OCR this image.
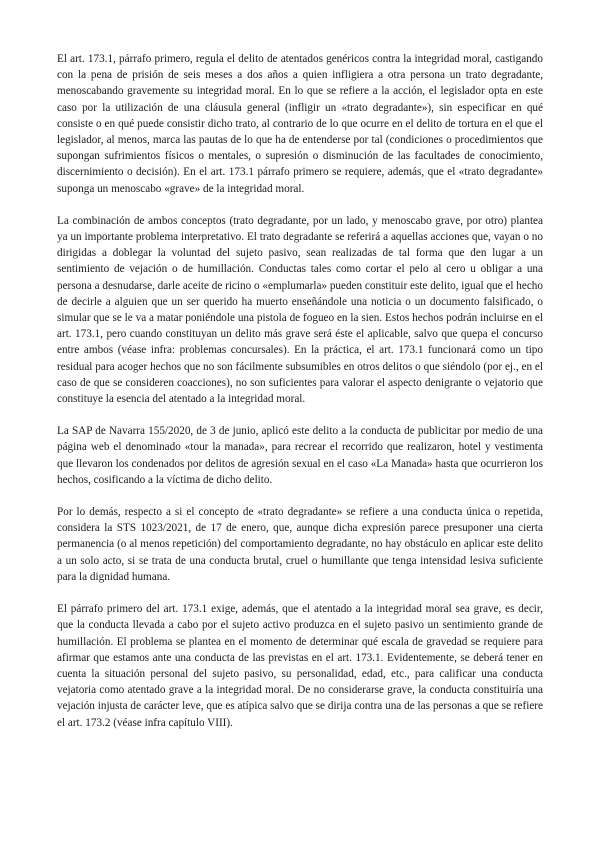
El art. 173.1, párrafo primero, regula el delito de atentados genéricos contra la integridad moral, castigando con la pena de prisión de seis meses a dos años a quien infligiera a otra persona un trato degradante, menoscabando gravemente su integridad moral. En lo que se refiere a la acción, el legislador opta en este caso por la utilización de una cláusula general (infligir un «trato degradante»), sin especificar en qué consiste o en qué puede consistir dicho trato, al contrario de lo que ocurre en el delito de tortura en el que el legislador, al menos, marca las pautas de lo que ha de entenderse por tal (condiciones o procedimientos que supongan sufrimientos físicos o mentales, o supresión o disminución de las facultades de conocimiento, discernimiento o decisión). En el art. 173.1 párrafo primero se requiere, además, que el «trato degradante» suponga un menoscabo «grave» de la integridad moral.

La combinación de ambos conceptos (trato degradante, por un lado, y menoscabo grave, por otro) plantea ya un importante problema interpretativo. El trato degradante se referirá a aquellas acciones que, vayan o no dirigidas a doblegar la voluntad del sujeto pasivo, sean realizadas de tal forma que den lugar a un sentimiento de vejación o de humillación. Conductas tales como cortar el pelo al cero u obligar a una persona a desnudarse, darle aceite de ricino o «emplumarla» pueden constituir este delito, igual que el hecho de decirle a alguien que un ser querido ha muerto enseñándole una noticia o un documento falsificado, o simular que se le va a matar poniéndole una pistola de fogueo en la sien. Estos hechos podrán incluirse en el art. 173.1, pero cuando constituyan un delito más grave será éste el aplicable, salvo que quepa el concurso entre ambos (véase infra: problemas concursales). En la práctica, el art. 173.1 funcionará como un tipo residual para acoger hechos que no son fácilmente subsumibles en otros delitos o que siéndolo (por ej., en el caso de que se consideren coacciones), no son suficientes para valorar el aspecto denigrante o vejatorio que constituye la esencia del atentado a la integridad moral.

La SAP de Navarra 155/2020, de 3 de junio, aplicó este delito a la conducta de publicitar por medio de una página web el denominado «tour la manada», para recrear el recorrido que realizaron, hotel y vestimenta que llevaron los condenados por delitos de agresión sexual en el caso «La Manada» hasta que ocurrieron los hechos, cosificando a la víctima de dicho delito.

Por lo demás, respecto a si el concepto de «trato degradante» se refiere a una conducta única o repetida, considera la STS 1023/2021, de 17 de enero, que, aunque dicha expresión parece presuponer una cierta permanencia (o al menos repetición) del comportamiento degradante, no hay obstáculo en aplicar este delito a un solo acto, si se trata de una conducta brutal, cruel o humillante que tenga intensidad lesiva suficiente para la dignidad humana.

El párrafo primero del art. 173.1 exige, además, que el atentado a la integridad moral sea grave, es decir, que la conducta llevada a cabo por el sujeto activo produzca en el sujeto pasivo un sentimiento grande de humillación. El problema se plantea en el momento de determinar qué escala de gravedad se requiere para afirmar que estamos ante una conducta de las previstas en el art. 173.1. Evidentemente, se deberá tener en cuenta la situación personal del sujeto pasivo, su personalidad, edad, etc., para calificar una conducta vejatoria como atentado grave a la integridad moral. De no considerarse grave, la conducta constituiría una vejación injusta de carácter leve, que es atípica salvo que se dirija contra una de las personas a que se refiere el art. 173.2 (véase infra capítulo VIII).
